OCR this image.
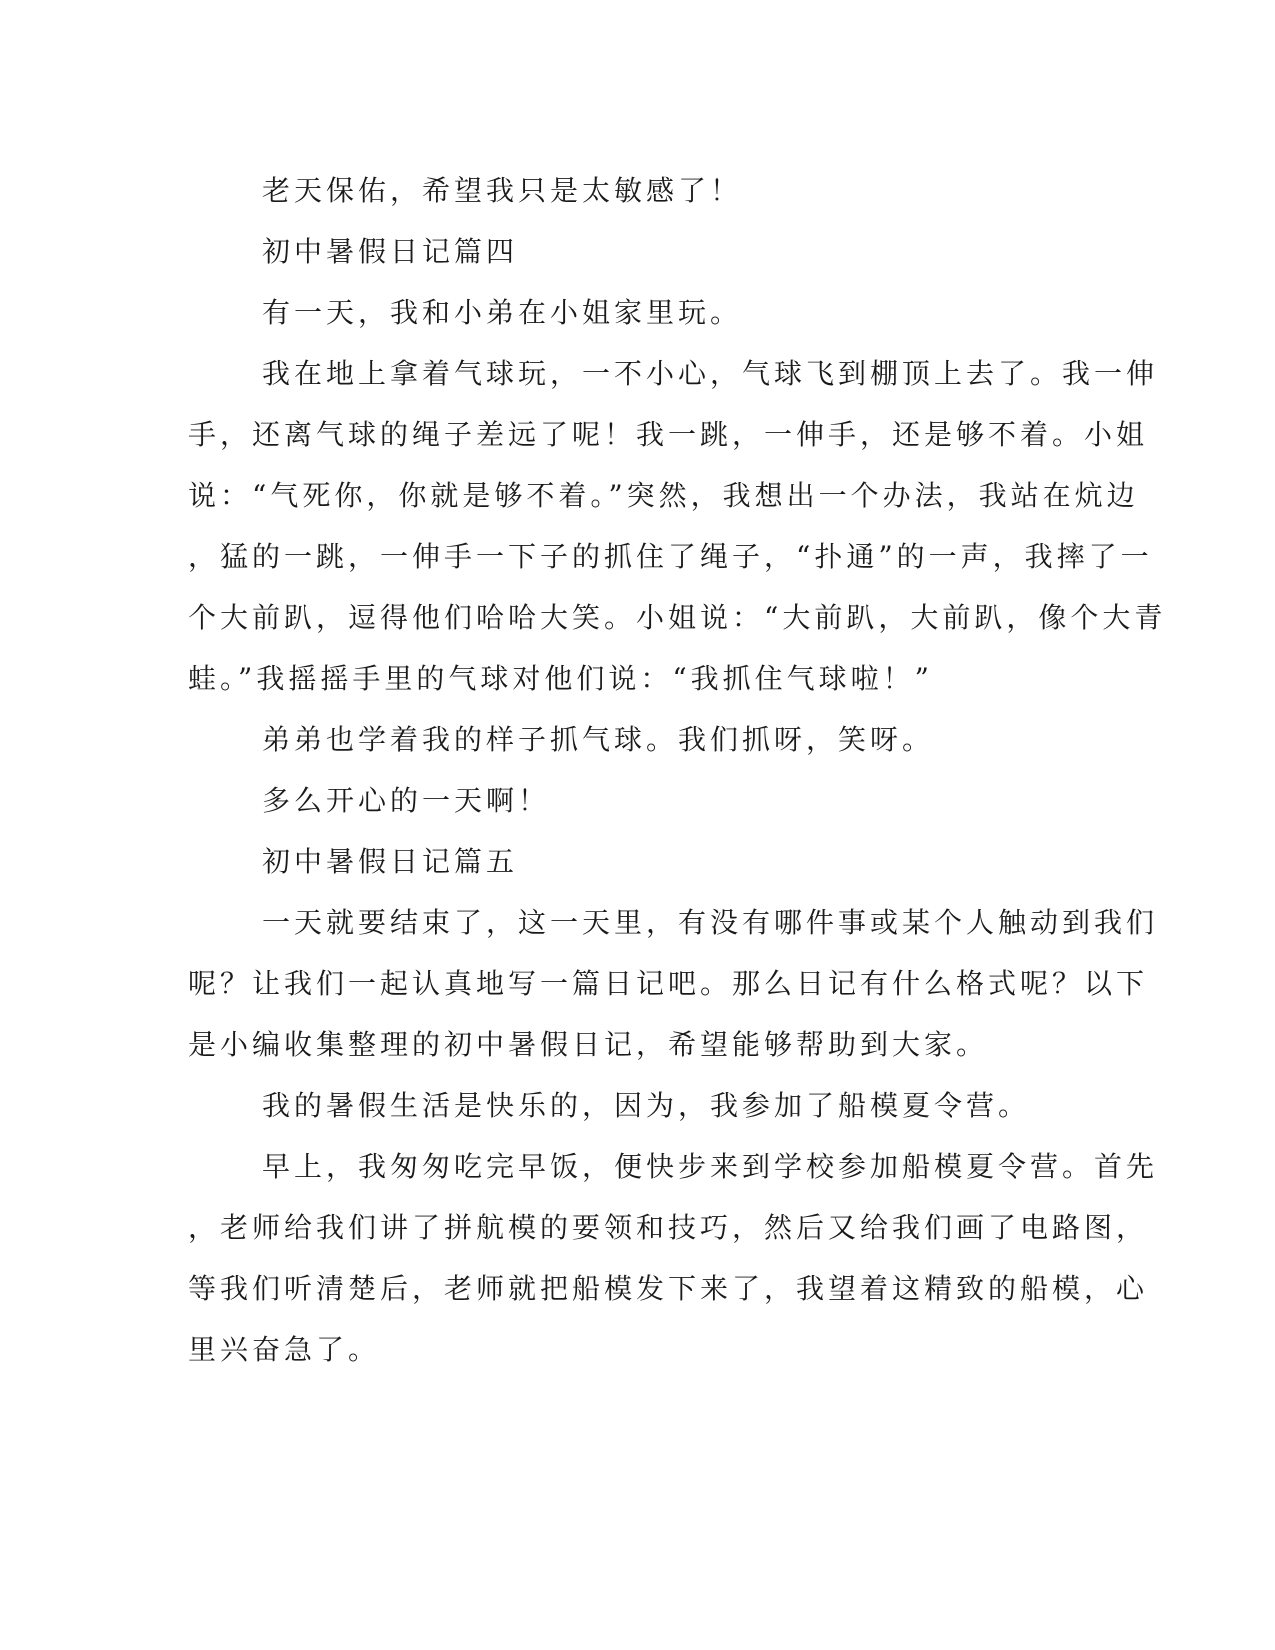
老天保佑，希望我只是太敏感了！
初中暑假日记篇四
有一天，我和小弟在小姐家里玩。
我在地上拿着气球玩，一不小心，气球飞到棚顶上去了。我一伸
手，还离气球的绳子差远了呢！我一跳，一伸手，还是够不着。小姐
说：“气死你，你就是够不着。”突然，我想出一个办法，我站在炕边
，猛的一跳，一伸手一下子的抓住了绳子，“扑通”的一声，我摔了一
个大前趴，逗得他们哈哈大笑。小姐说：“大前趴，大前趴，像个大青
蛙。”我摇摇手里的气球对他们说：“我抓住气球啦！”
弟弟也学着我的样子抓气球。我们抓呀，笑呀。
多么开心的一天啊！
初中暑假日记篇五
一天就要结束了，这一天里，有没有哪件事或某个人触动到我们
呢？让我们一起认真地写一篇日记吧。那么日记有什么格式呢？以下
是小编收集整理的初中暑假日记，希望能够帮助到大家。
我的暑假生活是快乐的，因为，我参加了船模夏令营。
早上，我匆匆吃完早饭，便快步来到学校参加船模夏令营。首先
，老师给我们讲了拼航模的要领和技巧，然后又给我们画了电路图，
等我们听清楚后，老师就把船模发下来了，我望着这精致的船模，心
里兴奋急了。
